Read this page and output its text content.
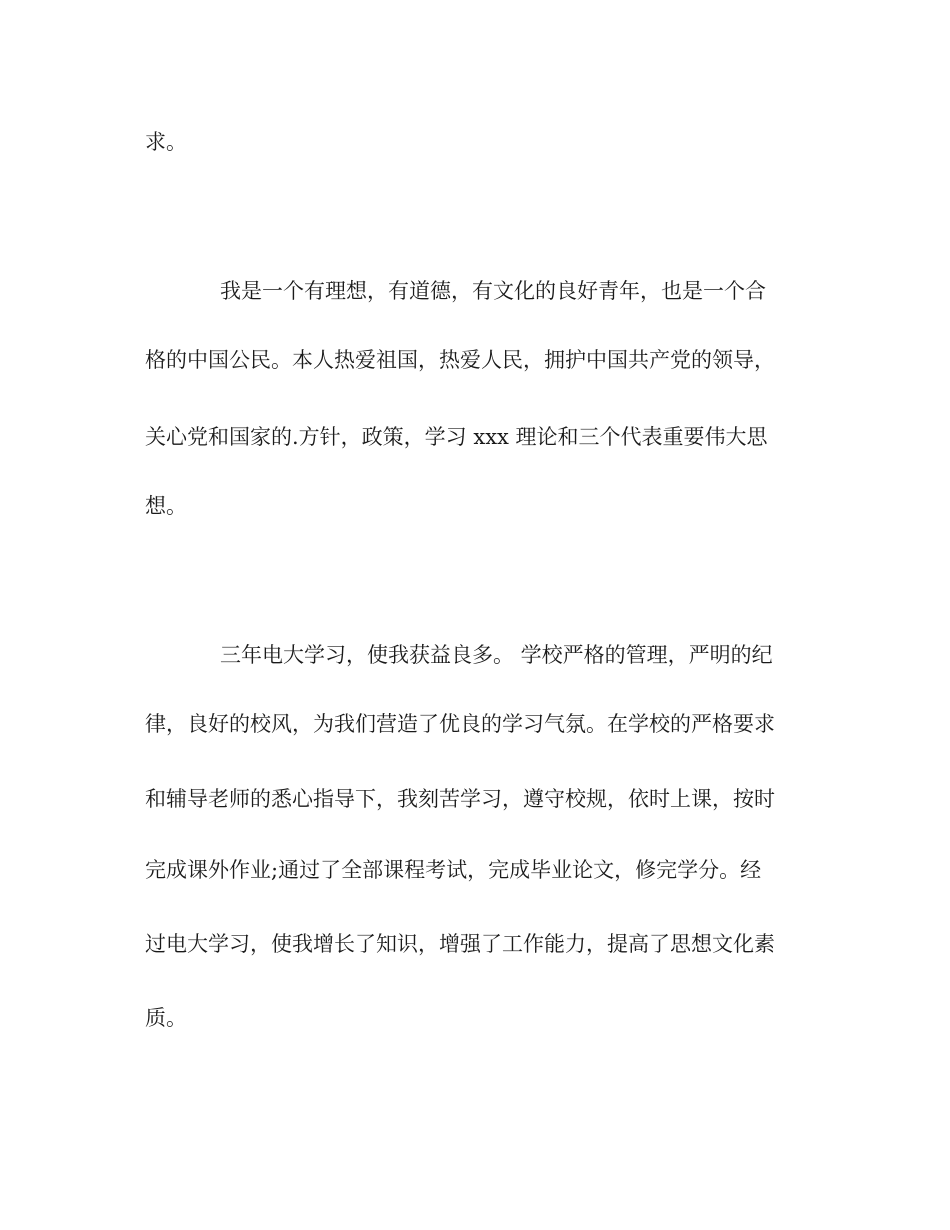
求。
我是一个有理想，有道德，有文化的良好青年，也是一个合
格的中国公民。本人热爱祖国，热爱人民，拥护中国共产党的领导，
关心党和国家的.方针，政策，学习 xxx 理论和三个代表重要伟大思
想。
三年电大学习，使我获益良多。 学校严格的管理，严明的纪
律，良好的校风，为我们营造了优良的学习气氛。在学校的严格要求
和辅导老师的悉心指导下，我刻苦学习，遵守校规，依时上课，按时
完成课外作业;通过了全部课程考试，完成毕业论文，修完学分。经
过电大学习，使我增长了知识，增强了工作能力，提高了思想文化素
质。
